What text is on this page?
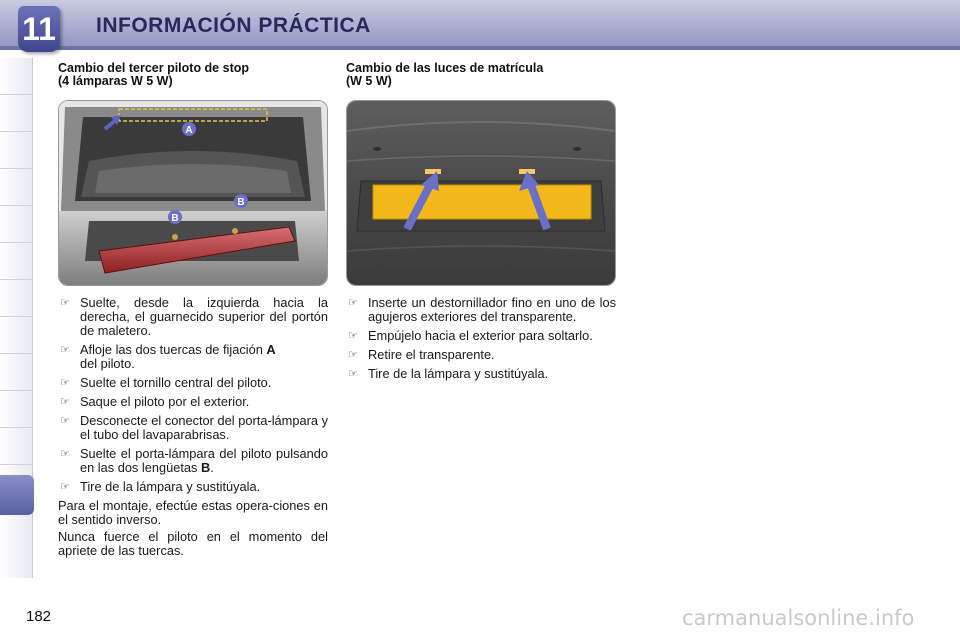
11 INFORMACIÓN PRÁCTICA
Cambio del tercer piloto de stop
(4 lámparas W 5 W)
A
B
B
☞ Suelte, desde la izquierda hacia la derecha, el guarnecido superior del portón de maletero.
☞ Afloje las dos tuercas de fijación A
del piloto.
☞ Suelte el tornillo central del piloto.
☞ Saque el piloto por el exterior.
☞ Desconecte el conector del porta-lámpara y el tubo del lavaparabrisas.
☞ Suelte el porta-lámpara del piloto pulsando en las dos lengüetas B.
☞ Tire de la lámpara y sustitúyala.

Para el montaje, efectúe estas opera-ciones en el sentido inverso.

Nunca fuerce el piloto en el momento del apriete de las tuercas.

Cambio de las luces de matrícula
(W 5 W)
☞ Inserte un destornillador fino en uno de los agujeros exteriores del transparente.
☞ Empújelo hacia el exterior para soltarlo.
☞ Retire el transparente.
☞ Tire de la lámpara y sustitúyala.
182	carmanualsonline.info
